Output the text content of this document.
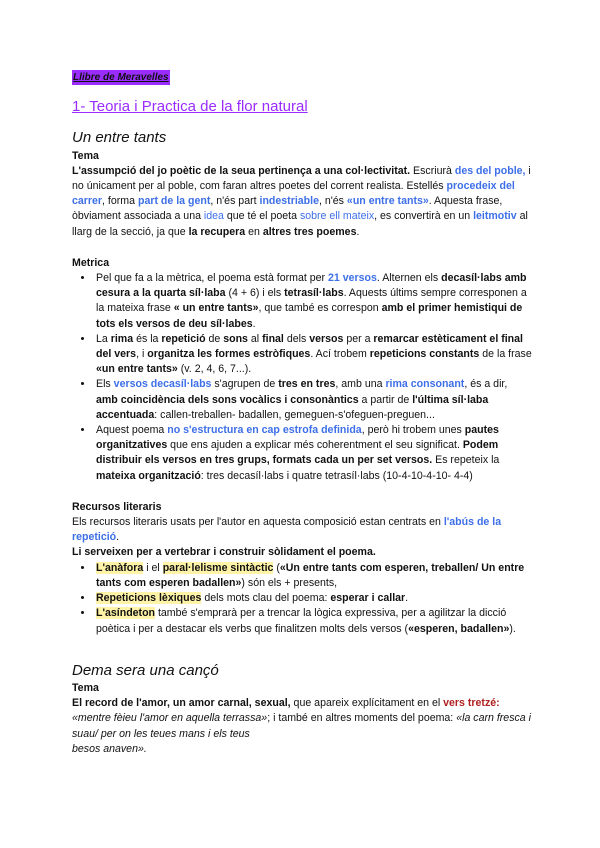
Llibre de Meravelles
1- Teoria i Practica de la flor natural
Un entre tants
Tema

L'assumpció del jo poètic de la seua pertinença a una col·lectivitat. Escriurà des del poble, i no únicament per al poble, com faran altres poetes del corrent realista. Estellés procedeix del carrer, forma part de la gent, n'és part indestriable, n'és «un entre tants». Aquesta frase, òbviament associada a una idea que té el poeta sobre ell mateix, es convertirà en un leitmotiv al llarg de la secció, ja que la recupera en altres tres poemes.

Metrica
• Pel que fa a la mètrica, el poema està format per 21 versos. Alternen els decasíl·labs amb cesura a la quarta síl·laba (4 + 6) i els tetrasíl·labs. Aquests últims sempre corresponen a la mateixa frase « un entre tants», que també es correspon amb el primer hemistiqui de tots els versos de deu síl·labes.
• La rima és la repetició de sons al final dels versos per a remarcar estèticament el final del vers, i organitza les formes estròfiques. Ací trobem repeticions constants de la frase «un entre tants» (v. 2, 4, 6, 7...).
• Els versos decasíl·labs s'agrupen de tres en tres, amb una rima consonant, és a dir, amb coincidència dels sons vocàlics i consonàntics a partir de l'última síl·laba accentuada: callen-treballen- badallen, gemeguen-s'ofeguen-preguen...
• Aquest poema no s'estructura en cap estrofa definida, però hi trobem unes pautes organitzatives que ens ajuden a explicar més coherentment el seu significat. Podem distribuir els versos en tres grups, formats cada un per set versos. Es repeteix la mateixa organització: tres decasíl·labs i quatre tetrasíl·labs (10-4-10-4-10- 4-4)
Recursos literaris

Els recursos literaris usats per l'autor en aquesta composició estan centrats en l'abús de la repetició.

Li serveixen per a vertebrar i construir sòlidament el poema.

• L'anàfora i el paral·lelisme sintàctic («Un entre tants com esperen, treballen/ Un entre tants com esperen badallen») són els + presents,
• Repeticions lèxiques dels mots clau del poema: esperar i callar.
• L'asíndeton també s'emprarà per a trencar la lògica expressiva, per a agilitzar la dicció poètica i per a destacar els verbs que finalitzen molts dels versos («esperen, badallen»).
Dema sera una cançó
Tema

El record de l'amor, un amor carnal, sexual, que apareix explícitament en el vers tretzé: «mentre fèieu l'amor en aquella terrassa»; i també en altres moments del poema: «la carn fresca i suau/ per on les teues mans i els teus

besos anaven».
